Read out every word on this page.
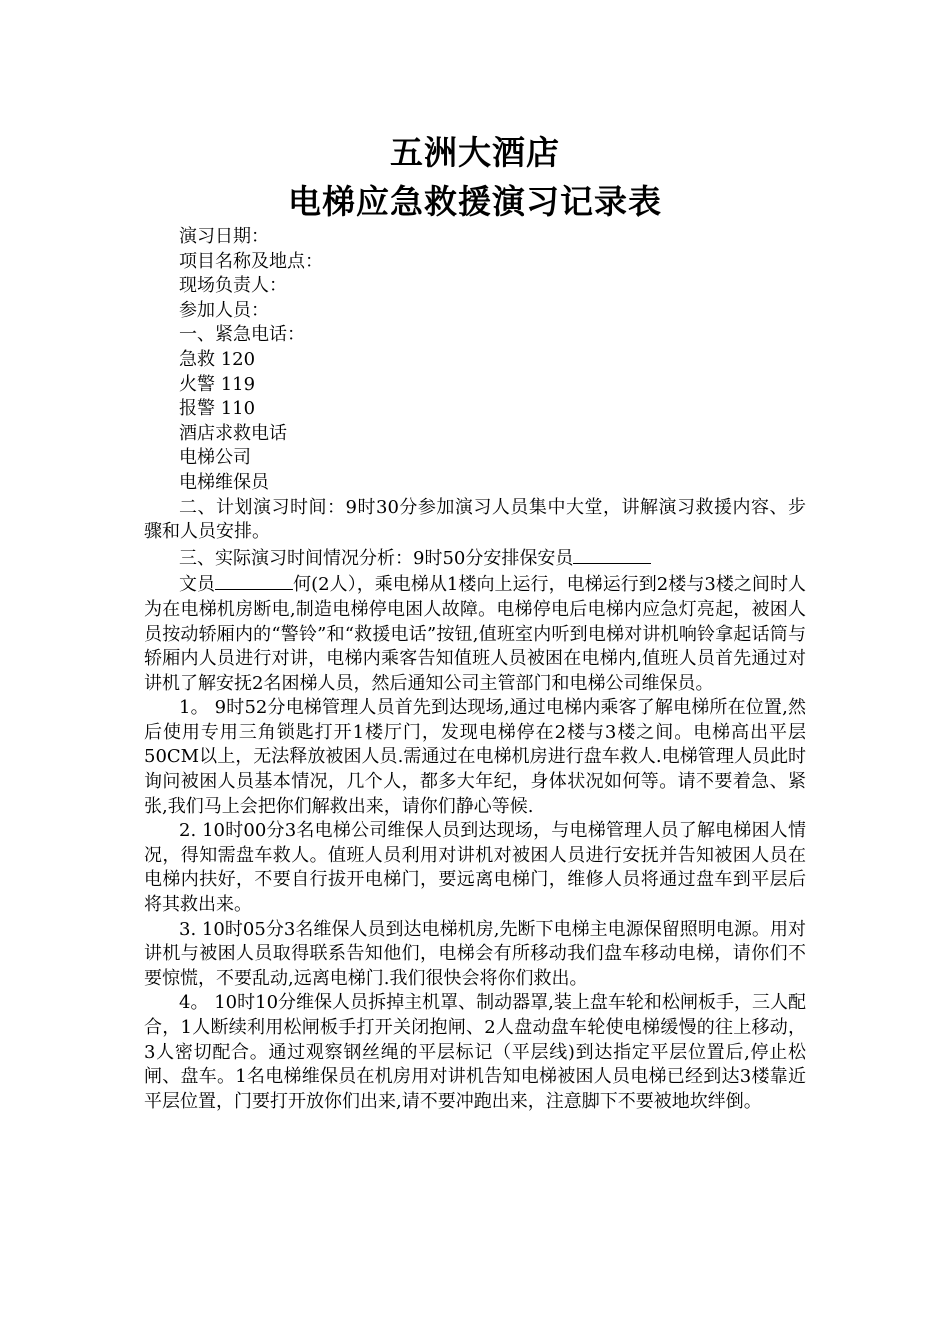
五洲大酒店
电梯应急救援演习记录表

演习日期：

项目名称及地点：

现场负责人：

参加人员：

一、紧急电话：

急救 120

火警 119

报警 110

酒店求救电话

电梯公司

电梯维保员

二、计划演习时间：9时30分参加演习人员集中大堂，讲解演习救援内容、步骤和人员安排。

三、实际演习时间情况分析：9时50分安排保安员

文员	何(2人），乘电梯从1楼向上运行，电梯运行到2楼与3楼之间时人为在电梯机房断电,制造电梯停电困人故障。电梯停电后电梯内应急灯亮起，被困人员按动轿厢内的“警铃”和“救援电话”按钮,值班室内听到电梯对讲机响铃拿起话筒与轿厢内人员进行对讲，电梯内乘客告知值班人员被困在电梯内,值班人员首先通过对讲机了解安抚2名困梯人员，然后通知公司主管部门和电梯公司维保员。

1。 9时52分电梯管理人员首先到达现场,通过电梯内乘客了解电梯所在位置,然后使用专用三角锁匙打开1楼厅门，发现电梯停在2楼与3楼之间。电梯高出平层50CM以上，无法释放被困人员.需通过在电梯机房进行盘车救人.电梯管理人员此时询问被困人员基本情况，几个人，都多大年纪，身体状况如何等。请不要着急、紧张,我们马上会把你们解救出来，请你们静心等候.

2. 10时00分3名电梯公司维保人员到达现场，与电梯管理人员了解电梯困人情况，得知需盘车救人。值班人员利用对讲机对被困人员进行安抚并告知被困人员在电梯内扶好，不要自行拔开电梯门，要远离电梯门，维修人员将通过盘车到平层后将其救出来。

3. 10时05分3名维保人员到达电梯机房,先断下电梯主电源保留照明电源。用对讲机与被困人员取得联系告知他们，电梯会有所移动我们盘车移动电梯，请你们不要惊慌，不要乱动,远离电梯门.我们很快会将你们救出。

4。 10时10分维保人员拆掉主机罩、制动器罩,装上盘车轮和松闸板手，三人配合，1人断续利用松闸板手打开关闭抱闸、2人盘动盘车轮使电梯缓慢的往上移动，3人密切配合。通过观察钢丝绳的平层标记（平层线)到达指定平层位置后,停止松闸、盘车。1名电梯维保员在机房用对讲机告知电梯被困人员电梯已经到达3楼靠近平层位置，门要打开放你们出来,请不要冲跑出来，注意脚下不要被地坎绊倒。
